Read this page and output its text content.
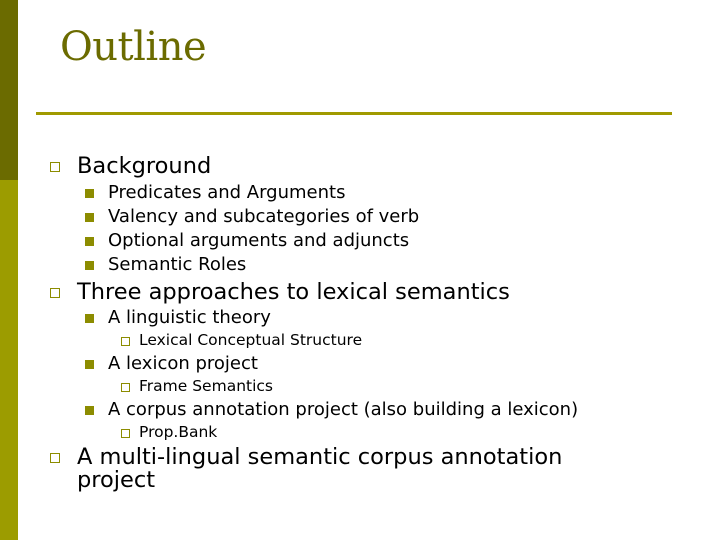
Outline
Background
Predicates and Arguments
Valency and subcategories of verb
Optional arguments and adjuncts
Semantic Roles
Three approaches to lexical semantics
A linguistic theory
Lexical Conceptual Structure
A lexicon project
Frame Semantics
A corpus annotation project (also building a lexicon)
Prop.Bank
A multi-lingual semantic corpus annotation
project
